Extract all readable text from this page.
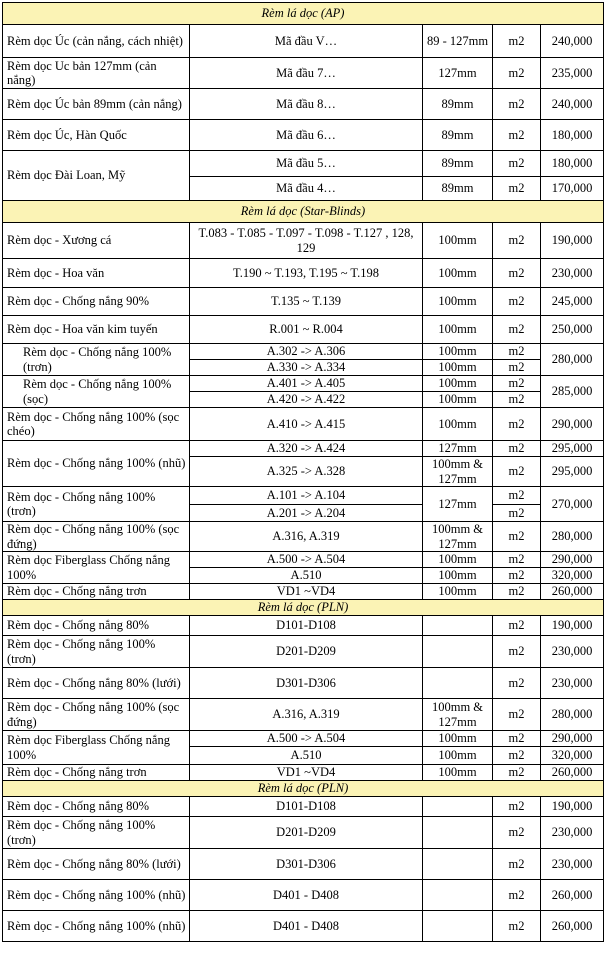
Rèm lá dọc (AP)				
Rèm dọc Úc (cản nắng, cách nhiệt)	Mã đầu V…	89 - 127mm	m2	240,000
Rèm dọc Uc bản 127mm (cản nắng)	Mã đầu 7…	127mm	m2	235,000
Rèm dọc Úc bản 89mm (cản nắng)	Mã đầu 8…	89mm	m2	240,000
Rèm dọc Úc, Hàn Quốc	Mã đầu 6…	89mm	m2	180,000
Rèm dọc Đài Loan, Mỹ	Mã đầu 5…	89mm	m2	180,000
	Mã đầu 4…	89mm	m2	170,000
Rèm lá dọc (Star-Blinds)				
Rèm dọc - Xương cá	T.083 - T.085 - T.097 - T.098 - T.127 , 128, 129	100mm	m2	190,000
Rèm dọc - Hoa văn	T.190 ~ T.193, T.195 ~ T.198	100mm	m2	230,000
Rèm dọc - Chống nắng 90%	T.135 ~ T.139	100mm	m2	245,000
Rèm dọc - Hoa văn kim tuyến	R.001 ~ R.004	100mm	m2	250,000
Rèm dọc - Chống nắng 100% (trơn)	A.302 -> A.306	100mm	m2	280,000
	A.330 -> A.334	100mm	m2	
Rèm dọc - Chống nắng 100% (sọc)	A.401 -> A.405	100mm	m2	285,000
	A.420 -> A.422	100mm	m2	
Rèm dọc - Chống nắng 100% (sọc chéo)	A.410 -> A.415	100mm	m2	290,000
Rèm dọc - Chống nắng 100% (nhũ)	A.320 -> A.424	127mm	m2	295,000
	A.325 -> A.328	100mm & 127mm	m2	295,000
Rèm dọc - Chống nắng 100% (trơn)	A.101 -> A.104	127mm	m2	270,000
	A.201 -> A.204		m2	
Rèm dọc - Chống nắng 100% (sọc đứng)	A.316, A.319	100mm & 127mm	m2	280,000
Rèm dọc Fiberglass Chống nắng 100%	A.500 -> A.504	100mm	m2	290,000
	A.510	100mm	m2	320,000
Rèm dọc - Chống nắng trơn	VD1 ~VD4	100mm	m2	260,000
Rèm lá dọc (PLN)				
Rèm dọc - Chống nắng 80%	D101-D108		m2	190,000
Rèm dọc - Chống nắng 100% (trơn)	D201-D209		m2	230,000
Rèm dọc - Chống nắng 80% (lưới)	D301-D306		m2	230,000
Rèm dọc - Chống nắng 100% (sọc đứng)	A.316, A.319	100mm & 127mm	m2	280,000
Rèm dọc Fiberglass Chống nắng 100%	A.500 -> A.504	100mm	m2	290,000
	A.510	100mm	m2	320,000
Rèm dọc - Chống nắng trơn	VD1 ~VD4	100mm	m2	260,000
Rèm lá dọc (PLN)				
Rèm dọc - Chống nắng 80%	D101-D108		m2	190,000
Rèm dọc - Chống nắng 100% (trơn)	D201-D209		m2	230,000
Rèm dọc - Chống nắng 80% (lưới)	D301-D306		m2	230,000
Rèm dọc - Chống nắng 100% (nhũ)	D401 - D408		m2	260,000
Rèm dọc - Chống nắng 100% (nhũ)	D401 - D408		m2	260,000
